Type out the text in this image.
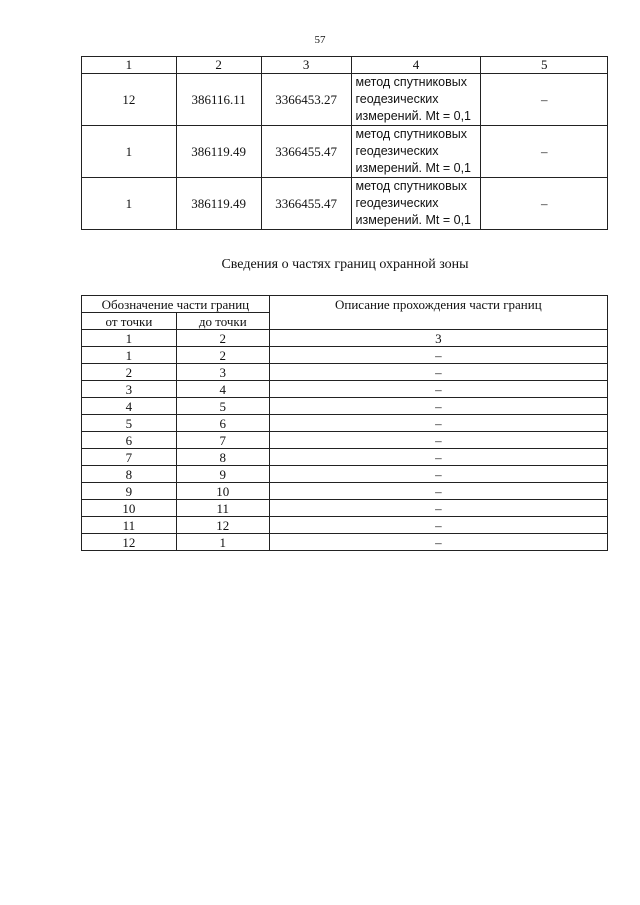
57
1	2	3	4	5
12	386116.11	3366453.27	метод спутниковых
геодезических
измерений. Mt = 0,1	–
1	386119.49	3366455.47	метод спутниковых
геодезических
измерений. Mt = 0,1	–
1	386119.49	3366455.47	метод спутниковых
геодезических
измерений. Mt = 0,1	–
Сведения о частях границ охранной зоны
Обозначение части границ		Описание прохождения части границ
от точки	до точки	
1	2	3
1	2	–
2	3	–
3	4	–
4	5	–
5	6	–
6	7	–
7	8	–
8	9	–
9	10	–
10	11	–
11	12	–
12	1	–
